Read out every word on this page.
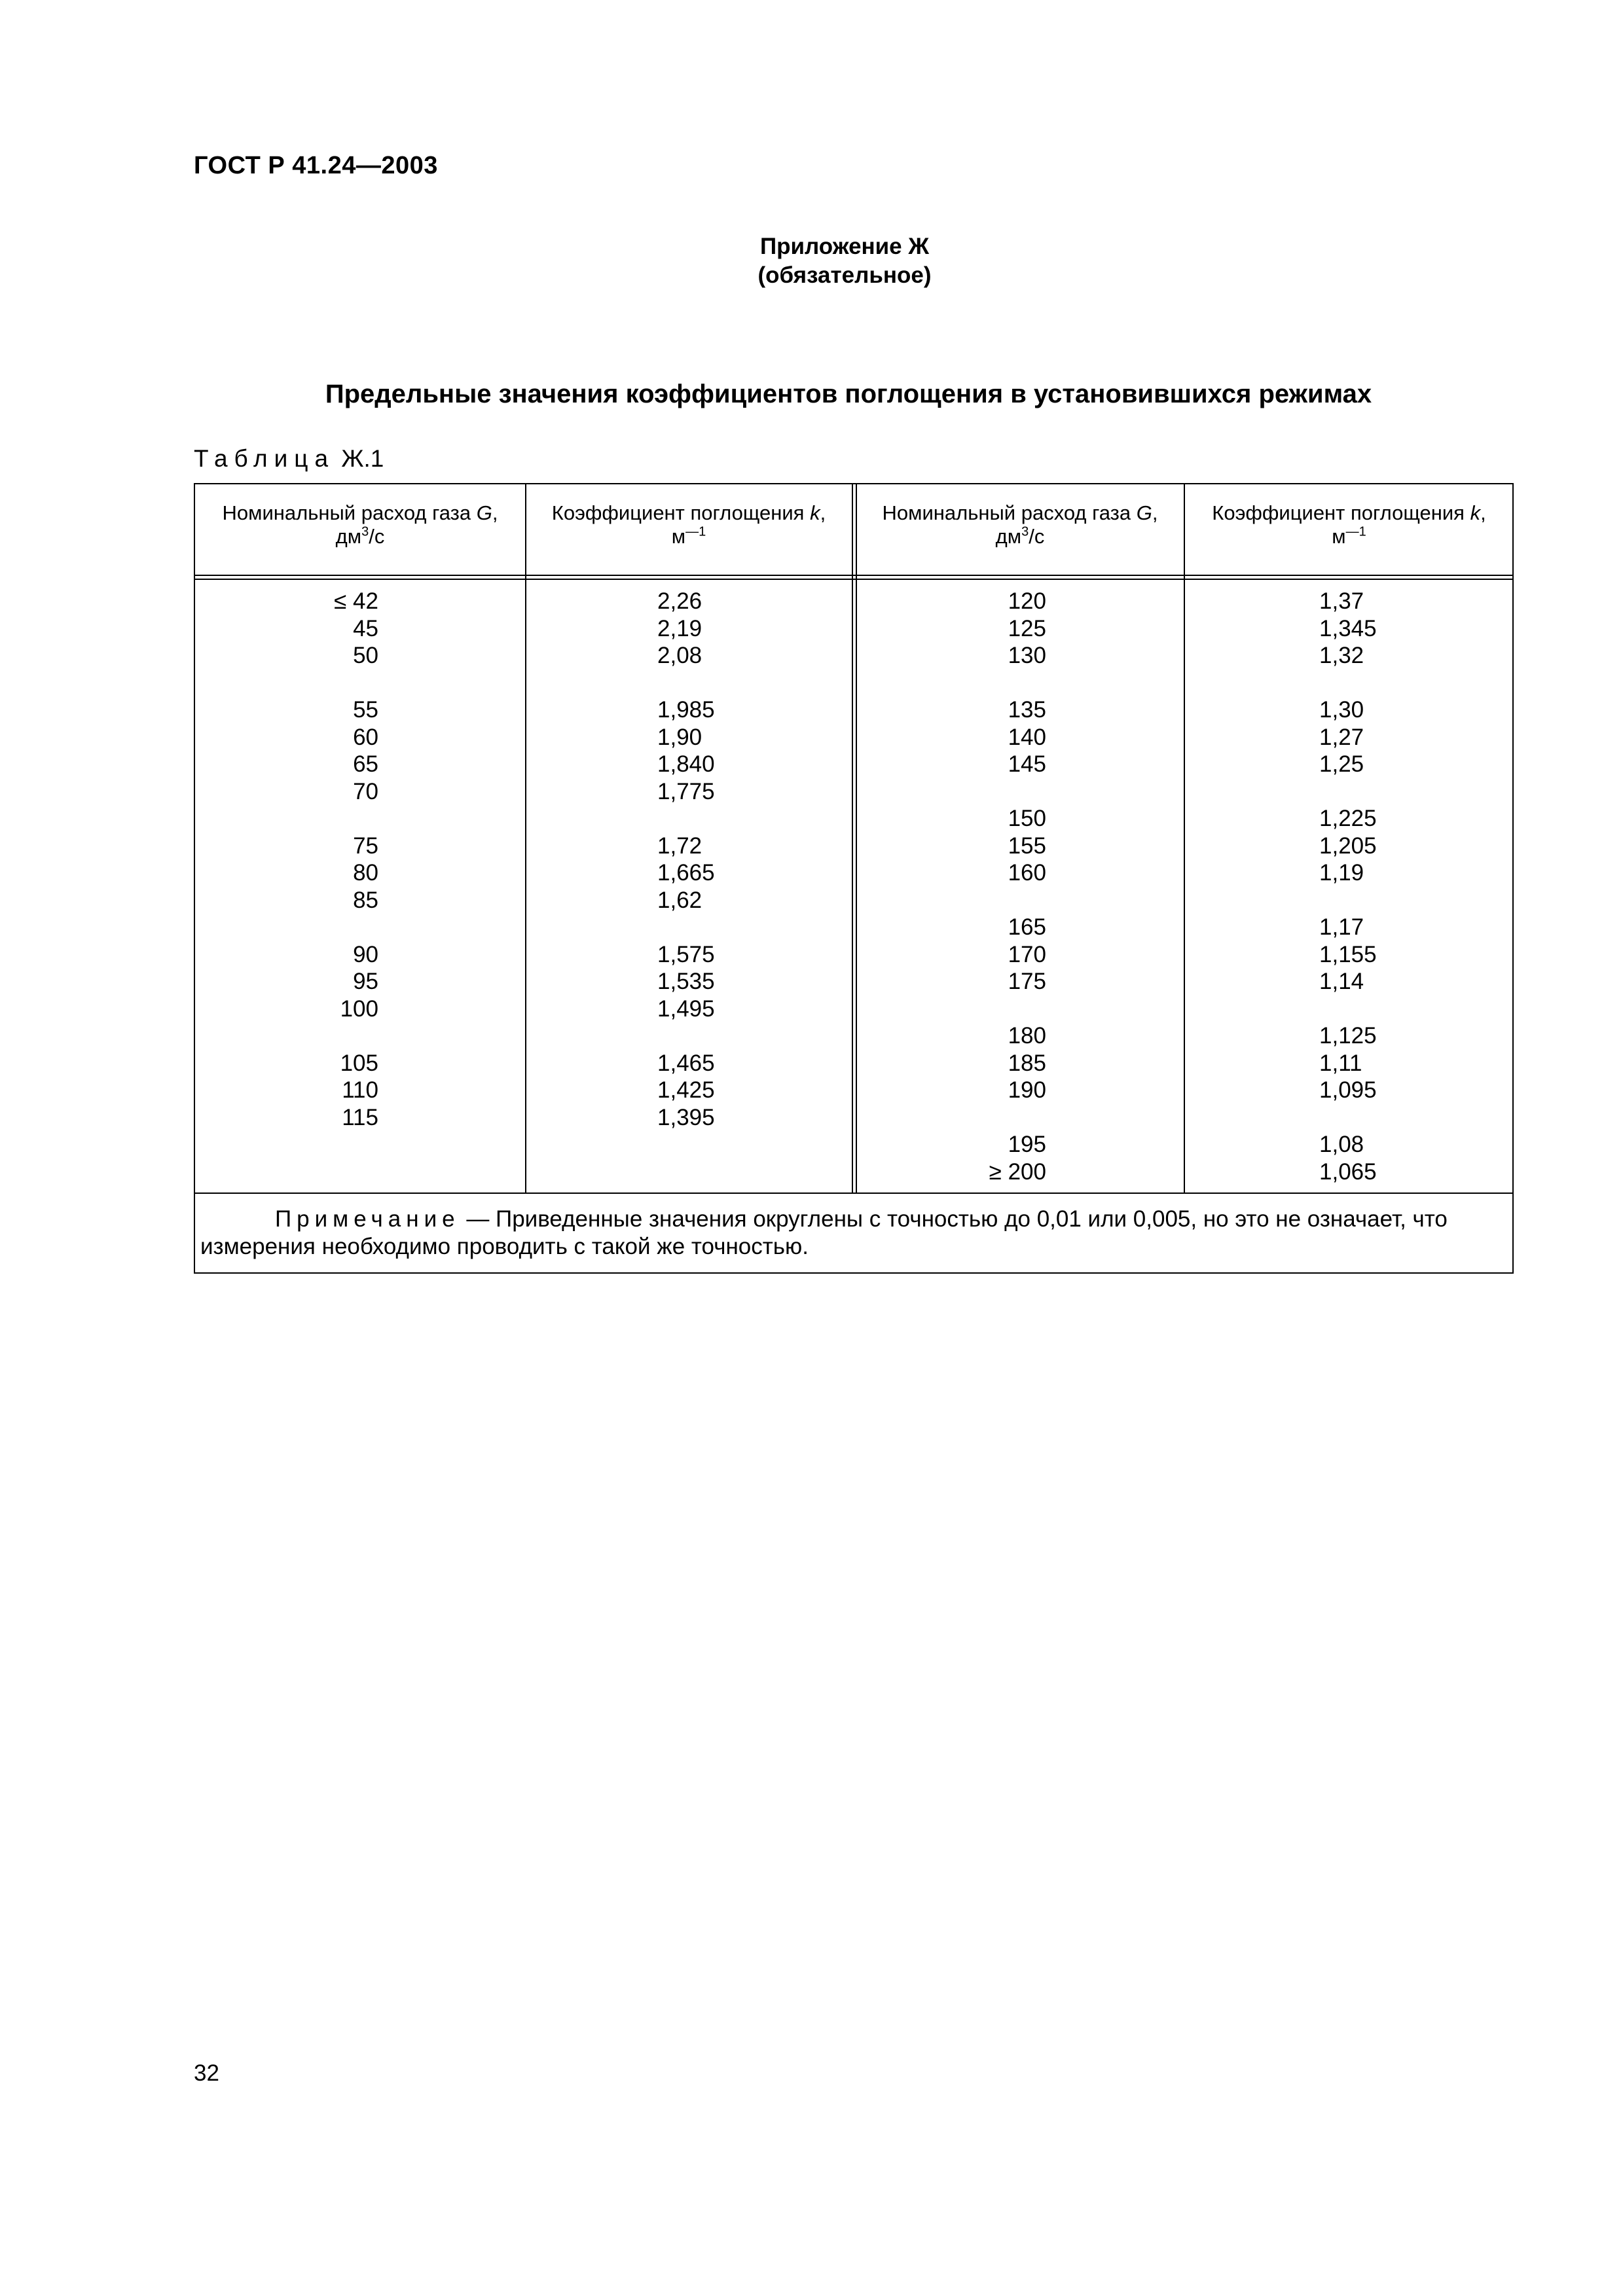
ГОСТ Р 41.24—2003
Приложение Ж
(обязательное)
Предельные значения коэффициентов поглощения в установившихся режимах
Таблица Ж.1
Номинальный расход газа G,
$дм^3/с$
Коэффициент поглощения k,
$м^{—1}$
Номинальный расход газа G,
$дм^3/с$
Коэффициент поглощения k,
$м^{—1}$
≤ 42
45
50
55
60
65
70
75
80
85
90
95
100
105
110
115
2,26
2,19
2,08
1,985
1,90
1,840
1,775
1,72
1,665
1,62
1,575
1,535
1,495
1,465
1,425
1,395
120
125
130
135
140
145
150
155
160
165
170
175
180
185
190
195
≥ 200
1,37
1,345
1,32
1,30
1,27
1,25
1,225
1,205
1,19
1,17
1,155
1,14
1,125
1,11
1,095
1,08
1,065
Примечание — Приведенные значения округлены с точностью до 0,01 или 0,005, но это не означает, что измерения необходимо проводить с такой же точностью.
32
